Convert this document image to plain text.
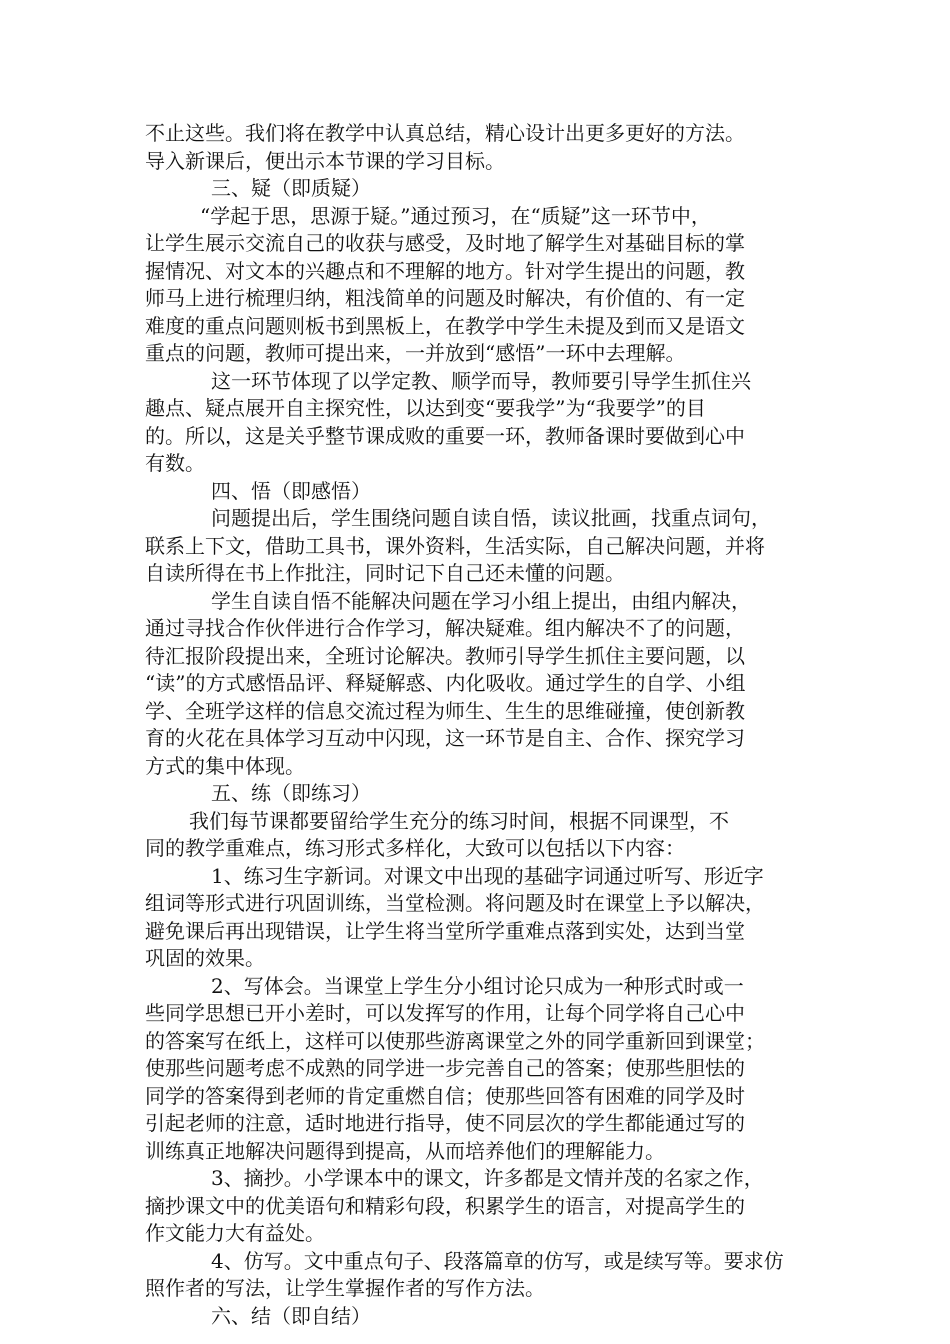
不止这些。我们将在教学中认真总结，精心设计出更多更好的方法。
导入新课后，便出示本节课的学习目标。
三、疑（即质疑）
“学起于思，思源于疑。”通过预习，在“质疑”这一环节中，
让学生展示交流自己的收获与感受，及时地了解学生对基础目标的掌
握情况、对文本的兴趣点和不理解的地方。针对学生提出的问题，教
师马上进行梳理归纳，粗浅简单的问题及时解决，有价值的、有一定
难度的重点问题则板书到黑板上，在教学中学生未提及到而又是语文
重点的问题，教师可提出来，一并放到“感悟”一环中去理解。
这一环节体现了以学定教、顺学而导，教师要引导学生抓住兴
趣点、疑点展开自主探究性，以达到变“要我学”为“我要学”的目
的。所以，这是关乎整节课成败的重要一环，教师备课时要做到心中
有数。
四、悟（即感悟）
问题提出后，学生围绕问题自读自悟，读议批画，找重点词句，
联系上下文，借助工具书，课外资料，生活实际，自己解决问题，并将
自读所得在书上作批注，同时记下自己还未懂的问题。
学生自读自悟不能解决问题在学习小组上提出，由组内解决，
通过寻找合作伙伴进行合作学习，解决疑难。组内解决不了的问题，
待汇报阶段提出来，全班讨论解决。教师引导学生抓住主要问题，以
“读”的方式感悟品评、释疑解惑、内化吸收。通过学生的自学、小组
学、全班学这样的信息交流过程为师生、生生的思维碰撞，使创新教
育的火花在具体学习互动中闪现，这一环节是自主、合作、探究学习
方式的集中体现。
五、练（即练习）
我们每节课都要留给学生充分的练习时间，根据不同课型，不
同的教学重难点，练习形式多样化，大致可以包括以下内容：
1、练习生字新词。对课文中出现的基础字词通过听写、形近字
组词等形式进行巩固训练，当堂检测。将问题及时在课堂上予以解决，
避免课后再出现错误，让学生将当堂所学重难点落到实处，达到当堂
巩固的效果。
2、写体会。当课堂上学生分小组讨论只成为一种形式时或一
些同学思想已开小差时，可以发挥写的作用，让每个同学将自己心中
的答案写在纸上，这样可以使那些游离课堂之外的同学重新回到课堂；
使那些问题考虑不成熟的同学进一步完善自己的答案；使那些胆怯的
同学的答案得到老师的肯定重燃自信；使那些回答有困难的同学及时
引起老师的注意，适时地进行指导，使不同层次的学生都能通过写的
训练真正地解决问题得到提高，从而培养他们的理解能力。
3、摘抄。小学课本中的课文，许多都是文情并茂的名家之作，
摘抄课文中的优美语句和精彩句段，积累学生的语言，对提高学生的
作文能力大有益处。
4、仿写。文中重点句子、段落篇章的仿写，或是续写等。要求仿
照作者的写法，让学生掌握作者的写作方法。
六、结（即自结）
